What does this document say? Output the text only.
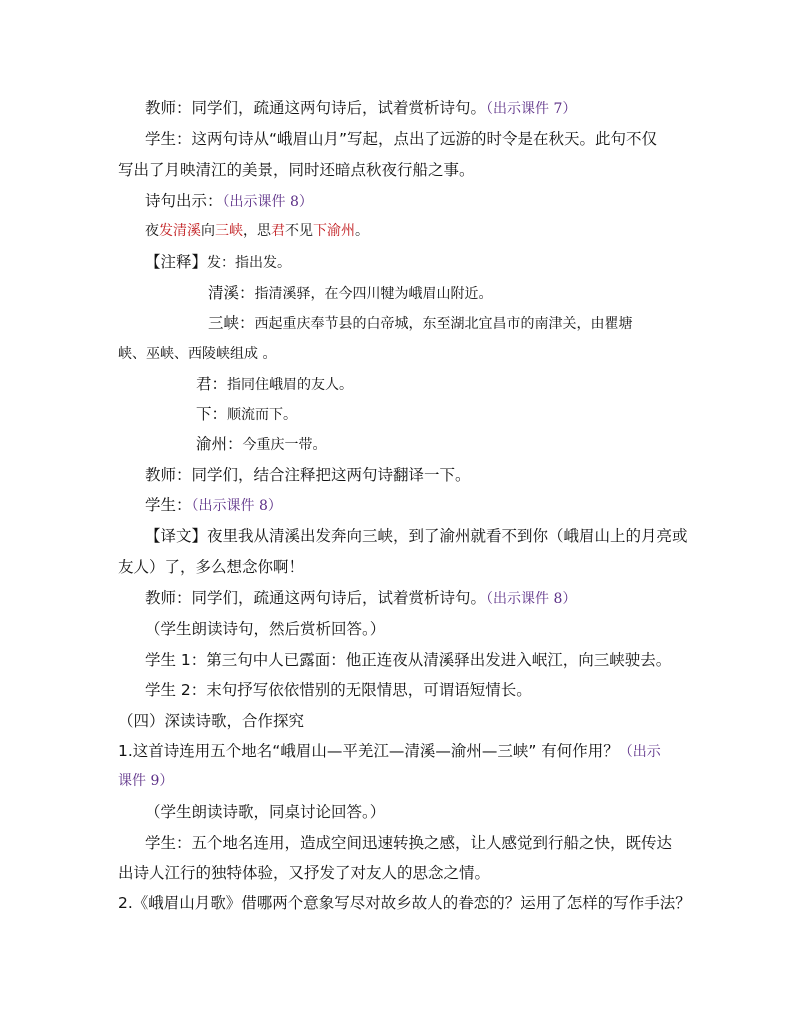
教师：同学们，疏通这两句诗后，试着赏析诗句。（出示课件 7）
学生：这两句诗从“峨眉山月”写起，点出了远游的时令是在秋天。此句不仅
写出了月映清江的美景，同时还暗点秋夜行船之事。
诗句出示：（出示课件 8）
夜发清溪向三峡，思君不见下渝州。
【注释】发：指出发。
清溪：指清溪驿，在今四川犍为峨眉山附近。
三峡：西起重庆奉节县的白帝城，东至湖北宜昌市的南津关，由瞿塘
峡、巫峡、西陵峡组成 。
君：指同住峨眉的友人。
下：顺流而下。
渝州：今重庆一带。
教师：同学们，结合注释把这两句诗翻译一下。
学生：（出示课件 8）
【译文】夜里我从清溪出发奔向三峡，到了渝州就看不到你（峨眉山上的月亮或
友人）了，多么想念你啊！
教师：同学们，疏通这两句诗后，试着赏析诗句。（出示课件 8）
（学生朗读诗句，然后赏析回答。）
学生 1：第三句中人已露面：他正连夜从清溪驿出发进入岷江，向三峡驶去。
学生 2：末句抒写依依惜别的无限情思，可谓语短情长。
（四）深读诗歌，合作探究
1.这首诗连用五个地名“峨眉山—平羌江—清溪—渝州—三峡” 有何作用？（出示
课件 9）
（学生朗读诗歌，同桌讨论回答。）
学生：五个地名连用，造成空间迅速转换之感，让人感觉到行船之快，既传达
出诗人江行的独特体验，又抒发了对友人的思念之情。
2.《峨眉山月歌》借哪两个意象写尽对故乡故人的眷恋的？运用了怎样的写作手法？
